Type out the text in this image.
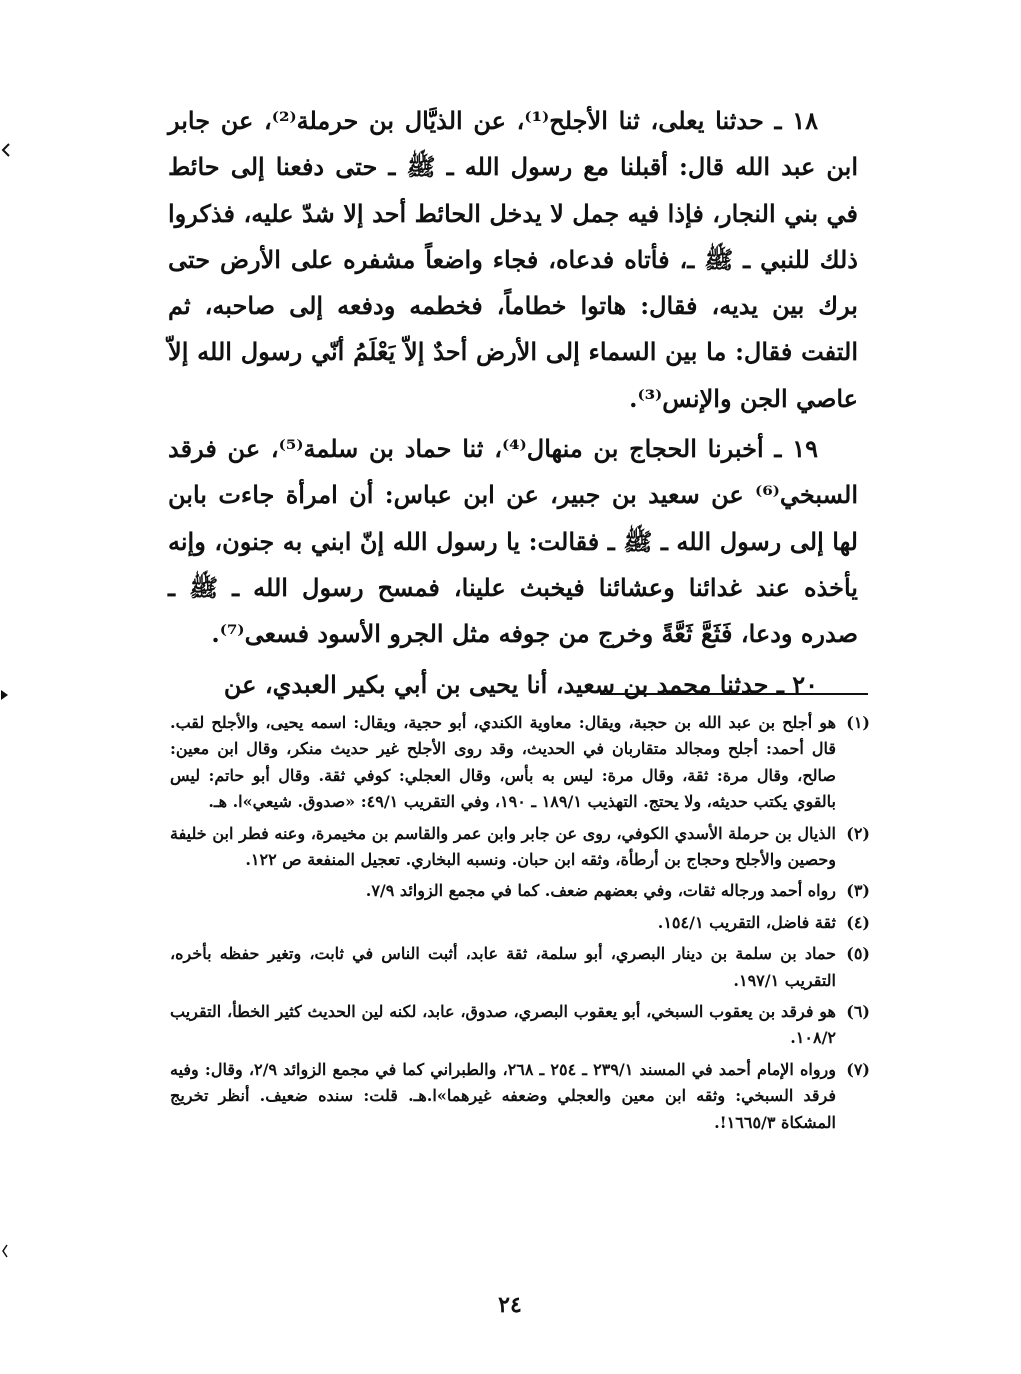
١٨ ـ حدثنا يعلى، ثنا الأجلح⁽¹⁾، عن الذيَّال بن حرملة⁽²⁾، عن جابر ابن عبد الله قال: أقبلنا مع رسول الله ـ ﷺ ـ حتى دفعنا إلى حائط في بني النجار، فإذا فيه جمل لا يدخل الحائط أحد إلا شدّ عليه، فذكروا ذلك للنبي ـ ﷺ ـ، فأتاه فدعاه، فجاء واضعاً مشفره على الأرض حتى برك بين يديه، فقال: هاتوا خطاماً، فخطمه ودفعه إلى صاحبه، ثم التفت فقال: ما بين السماء إلى الأرض أحدٌ إلاّ يَعْلَمُ أنّي رسول الله إلاّ عاصي الجن والإنس⁽³⁾.

١٩ ـ أخبرنا الحجاج بن منهال⁽⁴⁾، ثنا حماد بن سلمة⁽⁵⁾، عن فرقد السبخي⁽⁶⁾ عن سعيد بن جبير، عن ابن عباس: أن امرأة جاءت بابن لها إلى رسول الله ـ ﷺ ـ فقالت: يا رسول الله إنّ ابني به جنون، وإنه يأخذه عند غدائنا وعشائنا فيخبث علينا، فمسح رسول الله ـ ﷺ ـ صدره ودعا، فَثَعَّ ثَعَّةً وخرج من جوفه مثل الجرو الأسود فسعى⁽⁷⁾.

٢٠ ـ حدثنا محمد بن سعيد، أنا يحيى بن أبي بكير العبدي، عن

(١)
هو أجلح بن عبد الله بن حجبة، ويقال: معاوية الكندي، أبو حجية، ويقال: اسمه يحيى، والأجلح لقب. قال أحمد: أجلح ومجالد متقاربان في الحديث، وقد روى الأجلح غير حديث منكر، وقال ابن معين: صالح، وقال مرة: ثقة، وقال مرة: ليس به بأس، وقال العجلي: كوفي ثقة. وقال أبو حاتم: ليس بالقوي يكتب حديثه، ولا يحتج. التهذيب ١٨٩/١ ـ ١٩٠، وفي التقريب ٤٩/١: «صدوق. شيعي»ا. هـ.
(٢)
الذيال بن حرملة الأسدي الكوفي، روى عن جابر وابن عمر والقاسم بن مخيمرة، وعنه فطر ابن خليفة وحصين والأجلح وحجاج بن أرطأة، وثقه ابن حبان. ونسبه البخاري. تعجيل المنفعة ص ١٢٢.
(٣)
رواه أحمد ورجاله ثقات، وفي بعضهم ضعف. كما في مجمع الزوائد ٧/٩.
(٤)
ثقة فاضل، التقريب ١٥٤/١.
(٥)
حماد بن سلمة بن دينار البصري، أبو سلمة، ثقة عابد، أثبت الناس في ثابت، وتغير حفظه بأخره، التقريب ١٩٧/١.
(٦)
هو فرقد بن يعقوب السبخي، أبو يعقوب البصري، صدوق، عابد، لكنه لين الحديث كثير الخطأ، التقريب ١٠٨/٢.
(٧)
ورواه الإمام أحمد في المسند ٢٣٩/١ ـ ٢٥٤ ـ ٢٦٨، والطبراني كما في مجمع الزوائد ٢/٩، وقال: وفيه فرقد السبخي: وثقه ابن معين والعجلي وضعفه غيرهما»ا.هـ. قلت: سنده ضعيف. أنظر تخريج المشكاة ١٦٦٥/٣!.
٢٤
